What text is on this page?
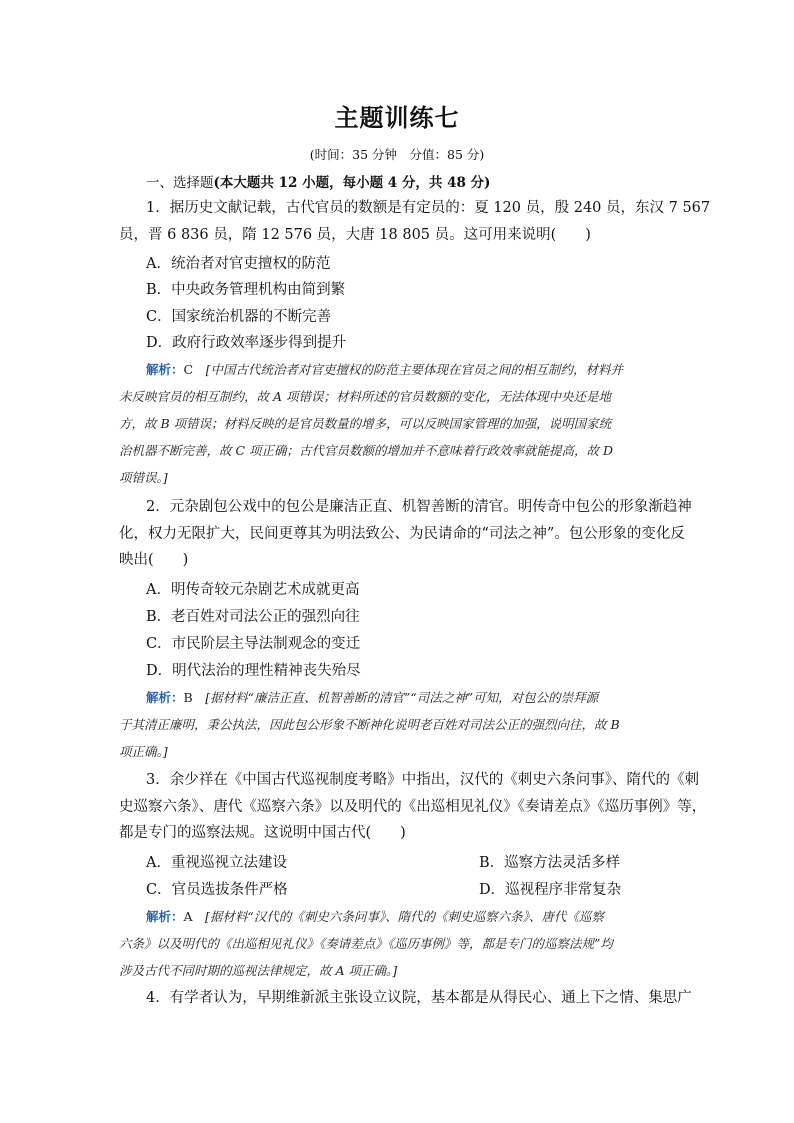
主题训练七
(时间：35 分钟　分值：85 分)
一、选择题(本大题共 12 小题，每小题 4 分，共 48 分)
1．据历史文献记载，古代官员的数额是有定员的：夏 120 员，殷 240 员，东汉 7 567
员，晋 6 836 员，隋 12 576 员，大唐 18 805 员。这可用来说明(　　)
A．统治者对官吏擅权的防范
B．中央政务管理机构由简到繁
C．国家统治机器的不断完善
D．政府行政效率逐步得到提升
解析：C  [中国古代统治者对官吏擅权的防范主要体现在官员之间的相互制约，材料并
未反映官员的相互制约，故 A 项错误；材料所述的官员数额的变化，无法体现中央还是地
方，故 B 项错误；材料反映的是官员数量的增多，可以反映国家管理的加强，说明国家统
治机器不断完善，故 C 项正确；古代官员数额的增加并不意味着行政效率就能提高，故 D
项错误。]
2．元杂剧包公戏中的包公是廉洁正直、机智善断的清官。明传奇中包公的形象渐趋神
化，权力无限扩大，民间更尊其为明法致公、为民请命的“司法之神”。包公形象的变化反
映出(　　)
A．明传奇较元杂剧艺术成就更高
B．老百姓对司法公正的强烈向往
C．市民阶层主导法制观念的变迁
D．明代法治的理性精神丧失殆尽
解析：B  [据材料“廉洁正直、机智善断的清官”“司法之神”可知，对包公的崇拜源
于其清正廉明，秉公执法，因此包公形象不断神化说明老百姓对司法公正的强烈向往，故 B
项正确。]
3．余少祥在《中国古代巡视制度考略》中指出，汉代的《刺史六条问事》、隋代的《刺
史巡察六条》、唐代《巡察六条》以及明代的《出巡相见礼仪》《奏请差点》《巡历事例》等，
都是专门的巡察法规。这说明中国古代(　　)
A．重视巡视立法建设	B．巡察方法灵活多样
C．官员选拔条件严格	D．巡视程序非常复杂
解析：A  [据材料“汉代的《刺史六条问事》、隋代的《刺史巡察六条》、唐代《巡察
六条》以及明代的《出巡相见礼仪》《奏请差点》《巡历事例》等，都是专门的巡察法规”均
涉及古代不同时期的巡视法律规定，故 A 项正确。]
4．有学者认为，早期维新派主张设立议院，基本都是从得民心、通上下之情、集思广
